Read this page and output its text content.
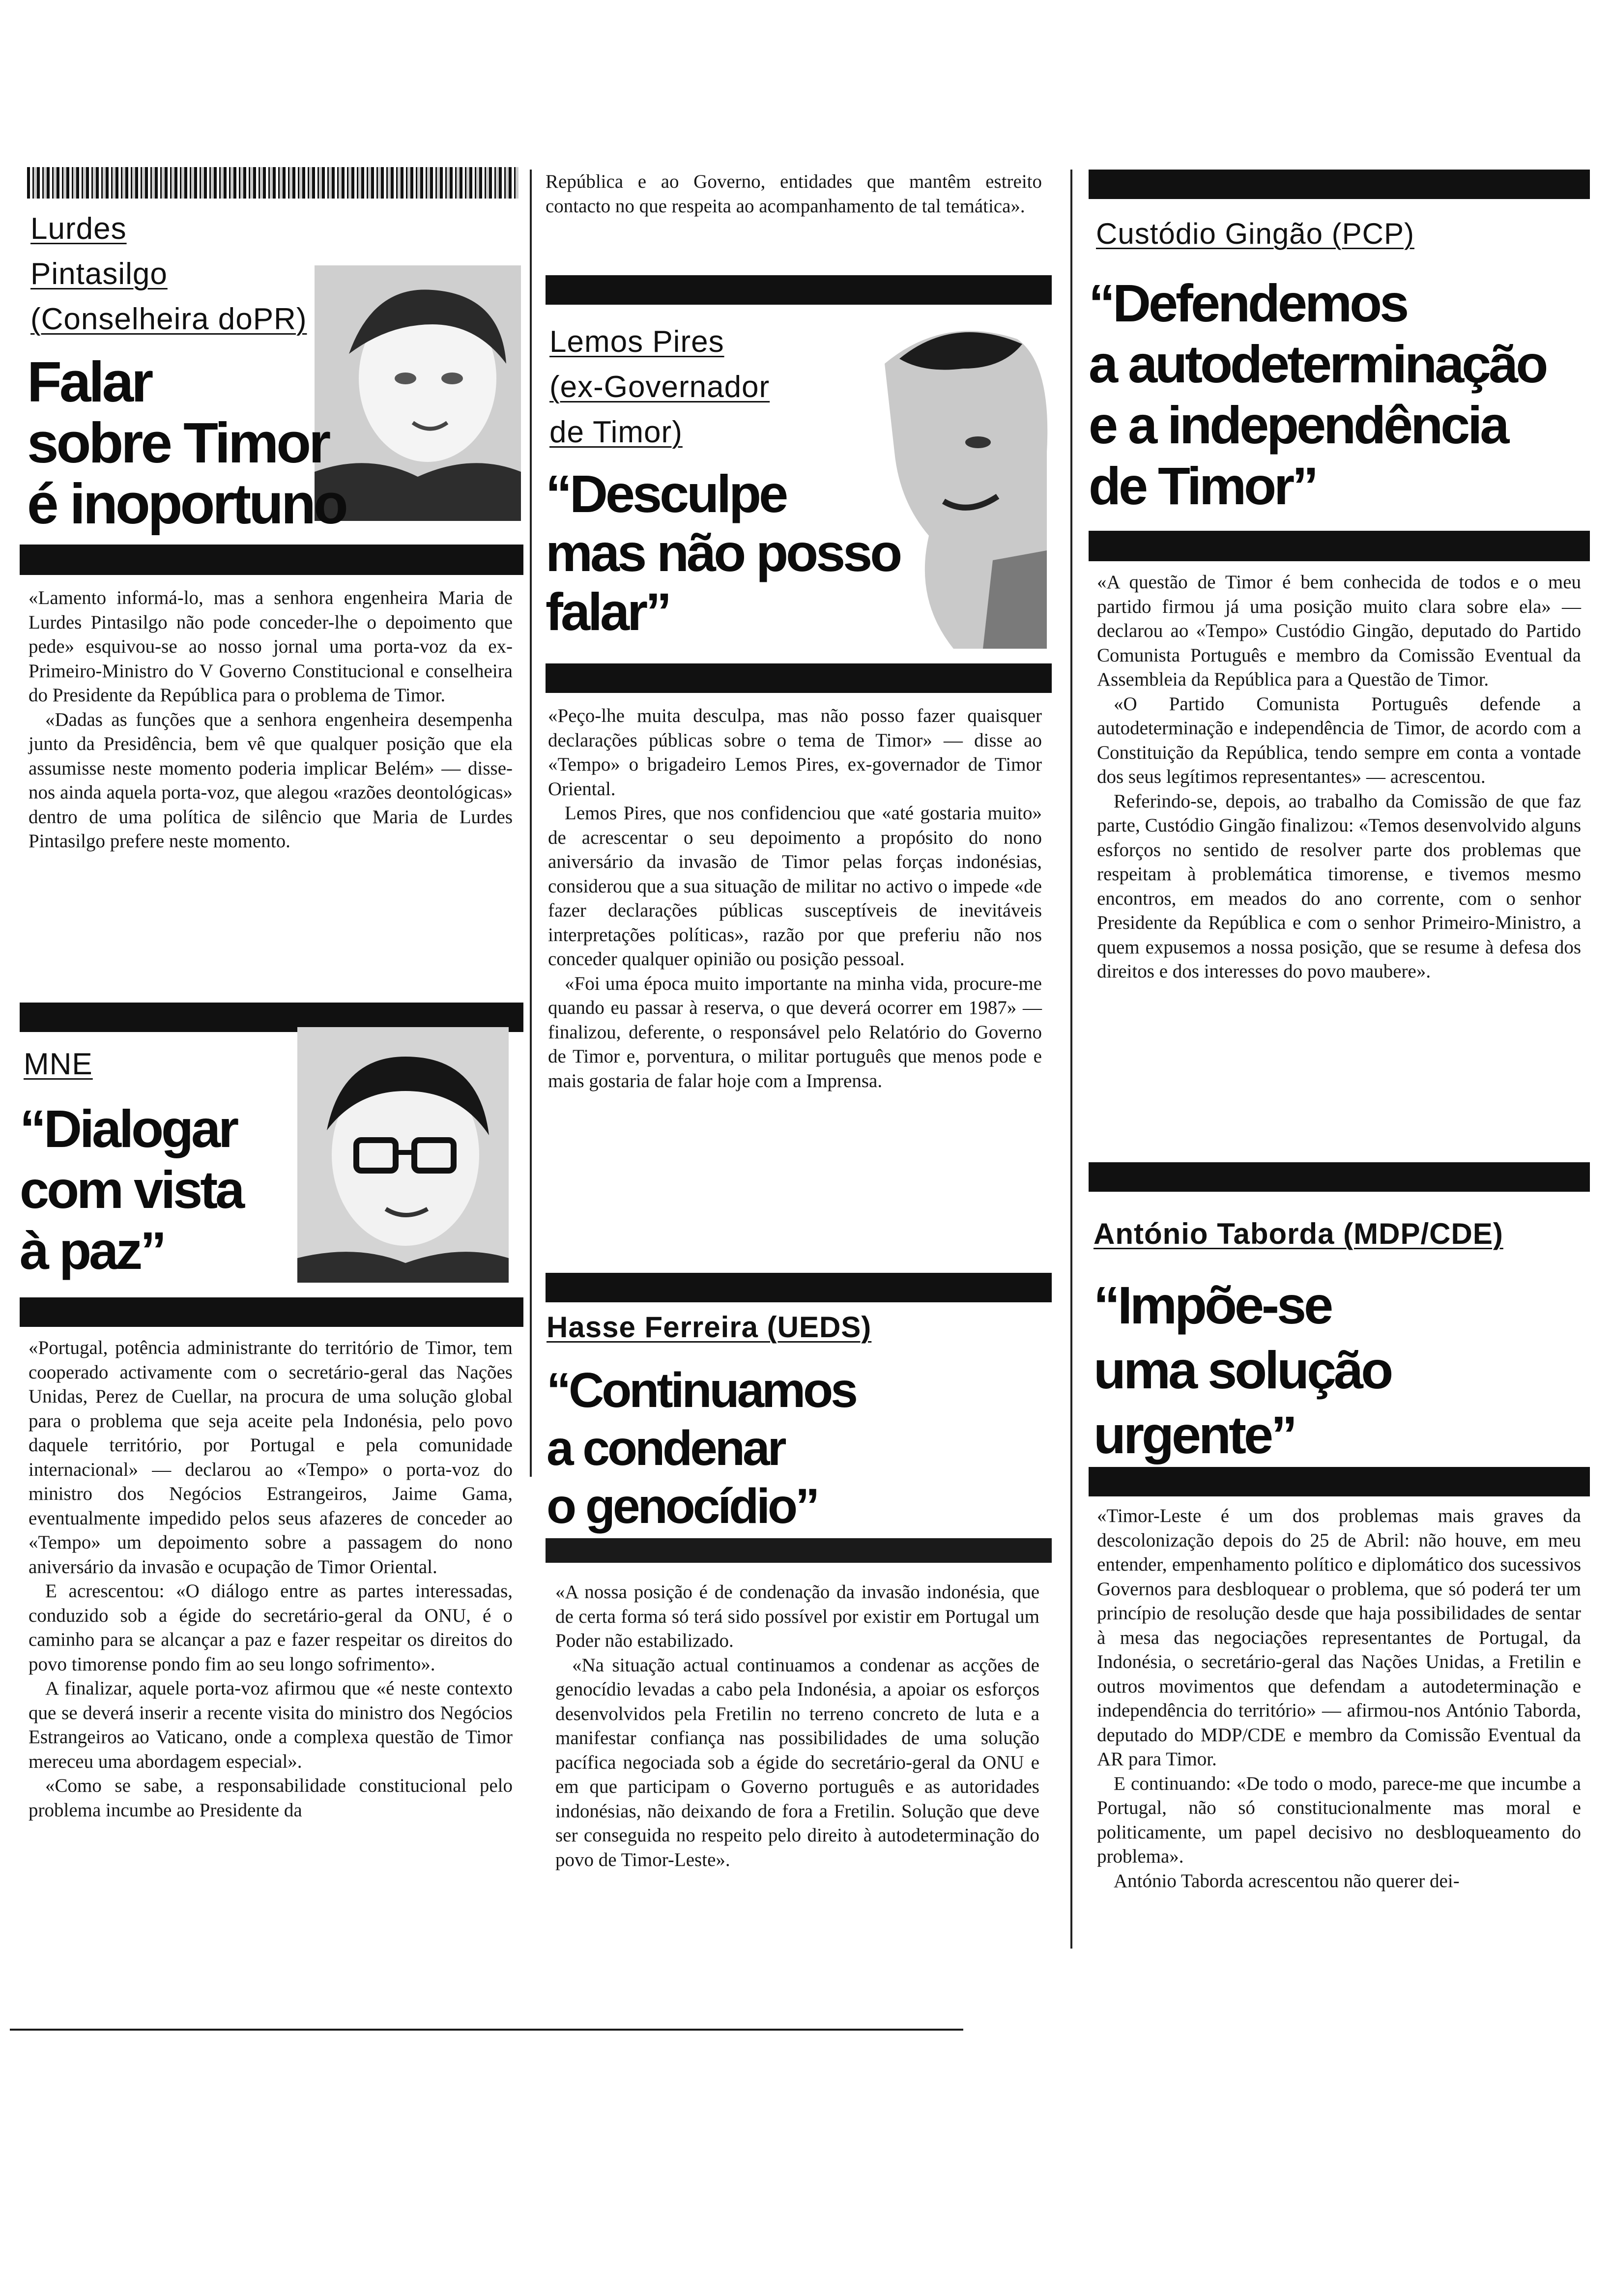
Lurdes
Pintasilgo
(Conselheira doPR)
Falar
sobre Timor
é inoportuno

«Lamento informá-lo, mas a senhora engenheira Maria de Lurdes Pintasilgo não pode conceder-lhe o depoimento que pede» esquivou-se ao nosso jornal uma porta-voz da ex-Primeiro-Ministro do V Governo Constitucional e conselheira do Presidente da República para o problema de Timor.

«Dadas as funções que a senhora engenheira desempenha junto da Presidência, bem vê que qualquer posição que ela assumisse neste momento poderia implicar Belém» — disse-nos ainda aquela porta-voz, que alegou «razões deontológicas» dentro de uma política de silêncio que Maria de Lurdes Pintasilgo prefere neste momento.

MNE
“Dialogar
com vista
à paz”

«Portugal, potência administrante do território de Timor, tem cooperado activamente com o secretário-geral das Nações Unidas, Perez de Cuellar, na procura de uma solução global para o problema que seja aceite pela Indonésia, pelo povo daquele território, por Portugal e pela comunidade internacional» — declarou ao «Tempo» o porta-voz do ministro dos Negócios Estrangeiros, Jaime Gama, eventualmente impedido pelos seus afazeres de conceder ao «Tempo» um depoimento sobre a passagem do nono aniversário da invasão e ocupação de Timor Oriental.

E acrescentou: «O diálogo entre as partes interessadas, conduzido sob a égide do secretário-geral da ONU, é o caminho para se alcançar a paz e fazer respeitar os direitos do povo timorense pondo fim ao seu longo sofrimento».

A finalizar, aquele porta-voz afirmou que «é neste contexto que se deverá inserir a recente visita do ministro dos Negócios Estrangeiros ao Vaticano, onde a complexa questão de Timor mereceu uma abordagem especial».

«Como se sabe, a responsabilidade constitucional pelo problema incumbe ao Presidente da

República e ao Governo, entidades que mantêm estreito contacto no que respeita ao acompanhamento de tal temática».

Lemos Pires
(ex-Governador
de Timor)
“Desculpe
mas não posso
falar”

«Peço-lhe muita desculpa, mas não posso fazer quaisquer declarações públicas sobre o tema de Timor» — disse ao «Tempo» o brigadeiro Lemos Pires, ex-governador de Timor Oriental.

Lemos Pires, que nos confidenciou que «até gostaria muito» de acrescentar o seu depoimento a propósito do nono aniversário da invasão de Timor pelas forças indonésias, considerou que a sua situação de militar no activo o impede «de fazer declarações públicas susceptíveis de inevitáveis interpretações políticas», razão por que preferiu não nos conceder qualquer opinião ou posição pessoal.

«Foi uma época muito importante na minha vida, procure-me quando eu passar à reserva, o que deverá ocorrer em 1987» — finalizou, deferente, o responsável pelo Relatório do Governo de Timor e, porventura, o militar português que menos pode e mais gostaria de falar hoje com a Imprensa.

Hasse Ferreira (UEDS)
“Continuamos
a condenar
o genocídio”

«A nossa posição é de condenação da invasão indonésia, que de certa forma só terá sido possível por existir em Portugal um Poder não estabilizado.

«Na situação actual continuamos a condenar as acções de genocídio levadas a cabo pela Indonésia, a apoiar os esforços desenvolvidos pela Fretilin no terreno concreto de luta e a manifestar confiança nas possibilidades de uma solução pacífica negociada sob a égide do secretário-geral da ONU e em que participam o Governo português e as autoridades indonésias, não deixando de fora a Fretilin. Solução que deve ser conseguida no respeito pelo direito à autodeterminação do povo de Timor-Leste».

Custódio Gingão (PCP)
“Defendemos
a autodeterminação
e a independência
de Timor”

«A questão de Timor é bem conhecida de todos e o meu partido firmou já uma posição muito clara sobre ela» — declarou ao «Tempo» Custódio Gingão, deputado do Partido Comunista Português e membro da Comissão Eventual da Assembleia da República para a Questão de Timor.

«O Partido Comunista Português defende a autodeterminação e independência de Timor, de acordo com a Constituição da República, tendo sempre em conta a vontade dos seus legítimos representantes» — acrescentou.

Referindo-se, depois, ao trabalho da Comissão de que faz parte, Custódio Gingão finalizou: «Temos desenvolvido alguns esforços no sentido de resolver parte dos problemas que respeitam à problemática timorense, e tivemos mesmo encontros, em meados do ano corrente, com o senhor Presidente da República e com o senhor Primeiro-Ministro, a quem expusemos a nossa posição, que se resume à defesa dos direitos e dos interesses do povo maubere».

António Taborda (MDP/CDE)
“Impõe-se
uma solução
urgente”

«Timor-Leste é um dos problemas mais graves da descolonização depois do 25 de Abril: não houve, em meu entender, empenhamento político e diplomático dos sucessivos Governos para desbloquear o problema, que só poderá ter um princípio de resolução desde que haja possibilidades de sentar à mesa das negociações representantes de Portugal, da Indonésia, o secretário-geral das Nações Unidas, a Fretilin e outros movimentos que defendam a autodeterminação e independência do território» — afirmou-nos António Taborda, deputado do MDP/CDE e membro da Comissão Eventual da AR para Timor.

E continuando: «De todo o modo, parece-me que incumbe a Portugal, não só constitucionalmente mas moral e politicamente, um papel decisivo no desbloqueamento do problema».

António Taborda acrescentou não querer dei-
